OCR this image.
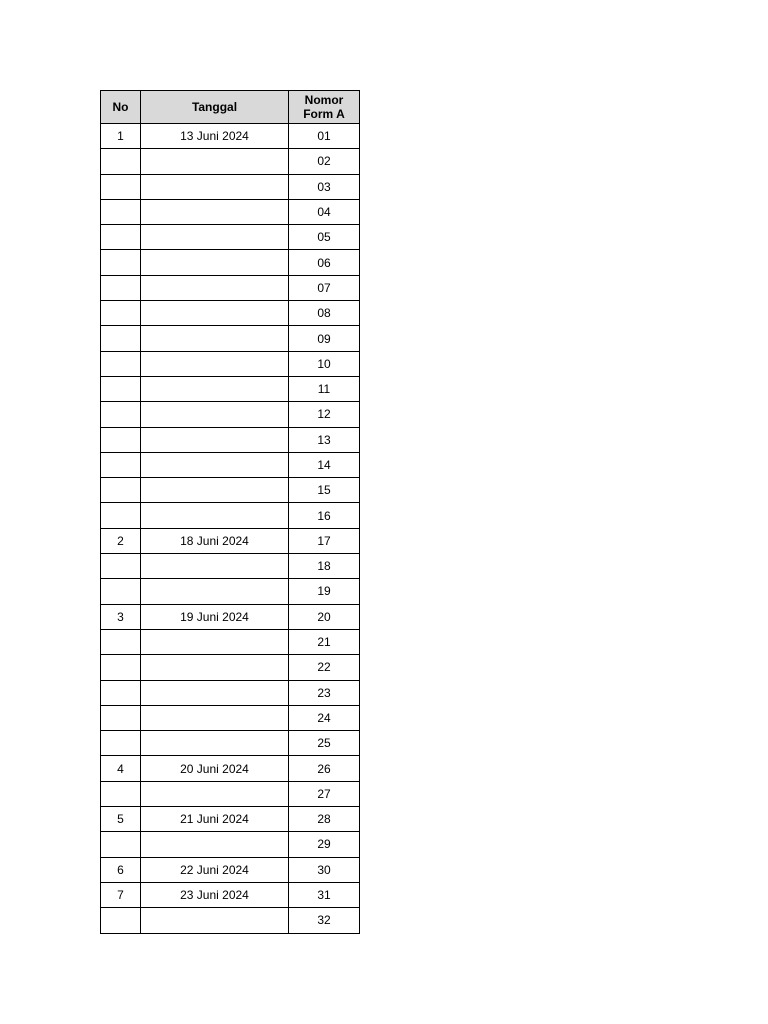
No	Tanggal	Nomor
Form A

1	13 Juni 2024	01
		02
		03
		04
		05
		06
		07
		08
		09
		10
		11
		12
		13
		14
		15
		16
2	18 Juni 2024	17
		18
		19
3	19 Juni 2024	20
		21
		22
		23
		24
		25
4	20 Juni 2024	26
		27
5	21 Juni 2024	28
		29
6	22 Juni 2024	30
7	23 Juni 2024	31
		32
